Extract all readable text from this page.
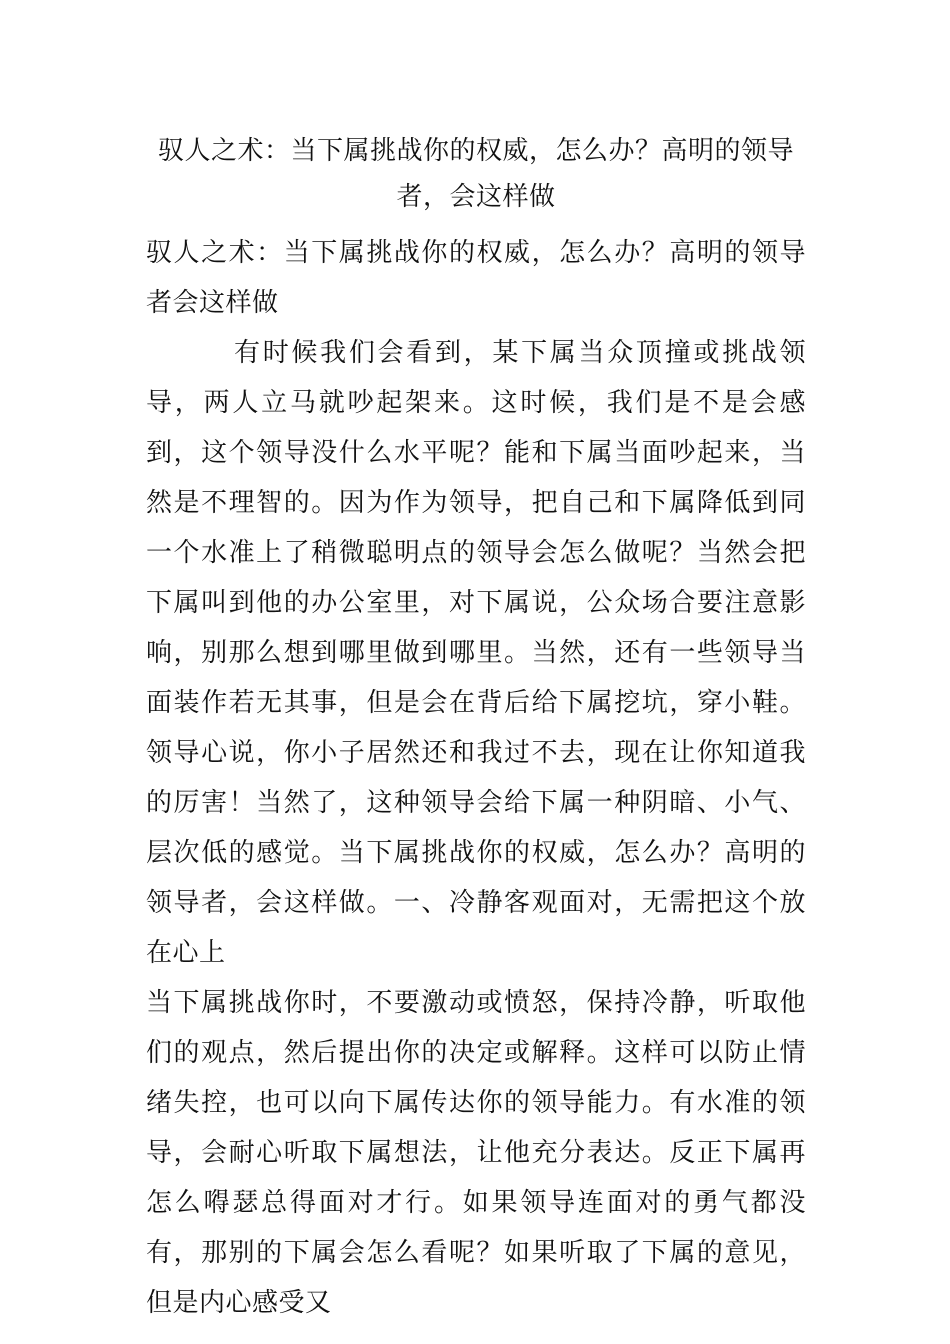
驭人之术：当下属挑战你的权威，怎么办？高明的领导者，会这样做

驭人之术：当下属挑战你的权威，怎么办？高明的领导者会这样做

有时候我们会看到，某下属当众顶撞或挑战领导，两人立马就吵起架来。这时候，我们是不是会感到，这个领导没什么水平呢？能和下属当面吵起来，当然是不理智的。因为作为领导，把自己和下属降低到同一个水准上了稍微聪明点的领导会怎么做呢？当然会把下属叫到他的办公室里，对下属说，公众场合要注意影响，别那么想到哪里做到哪里。当然，还有一些领导当面装作若无其事，但是会在背后给下属挖坑，穿小鞋。领导心说，你小子居然还和我过不去，现在让你知道我的厉害！当然了，这种领导会给下属一种阴暗、小气、层次低的感觉。当下属挑战你的权威，怎么办？高明的领导者，会这样做。一、冷静客观面对，无需把这个放在心上

当下属挑战你时，不要激动或愤怒，保持冷静，听取他们的观点，然后提出你的决定或解释。这样可以防止情绪失控，也可以向下属传达你的领导能力。有水准的领导，会耐心听取下属想法，让他充分表达。反正下属再怎么嘚瑟总得面对才行。如果领导连面对的勇气都没有，那别的下属会怎么看呢？如果听取了下属的意见，但是内心感受又
